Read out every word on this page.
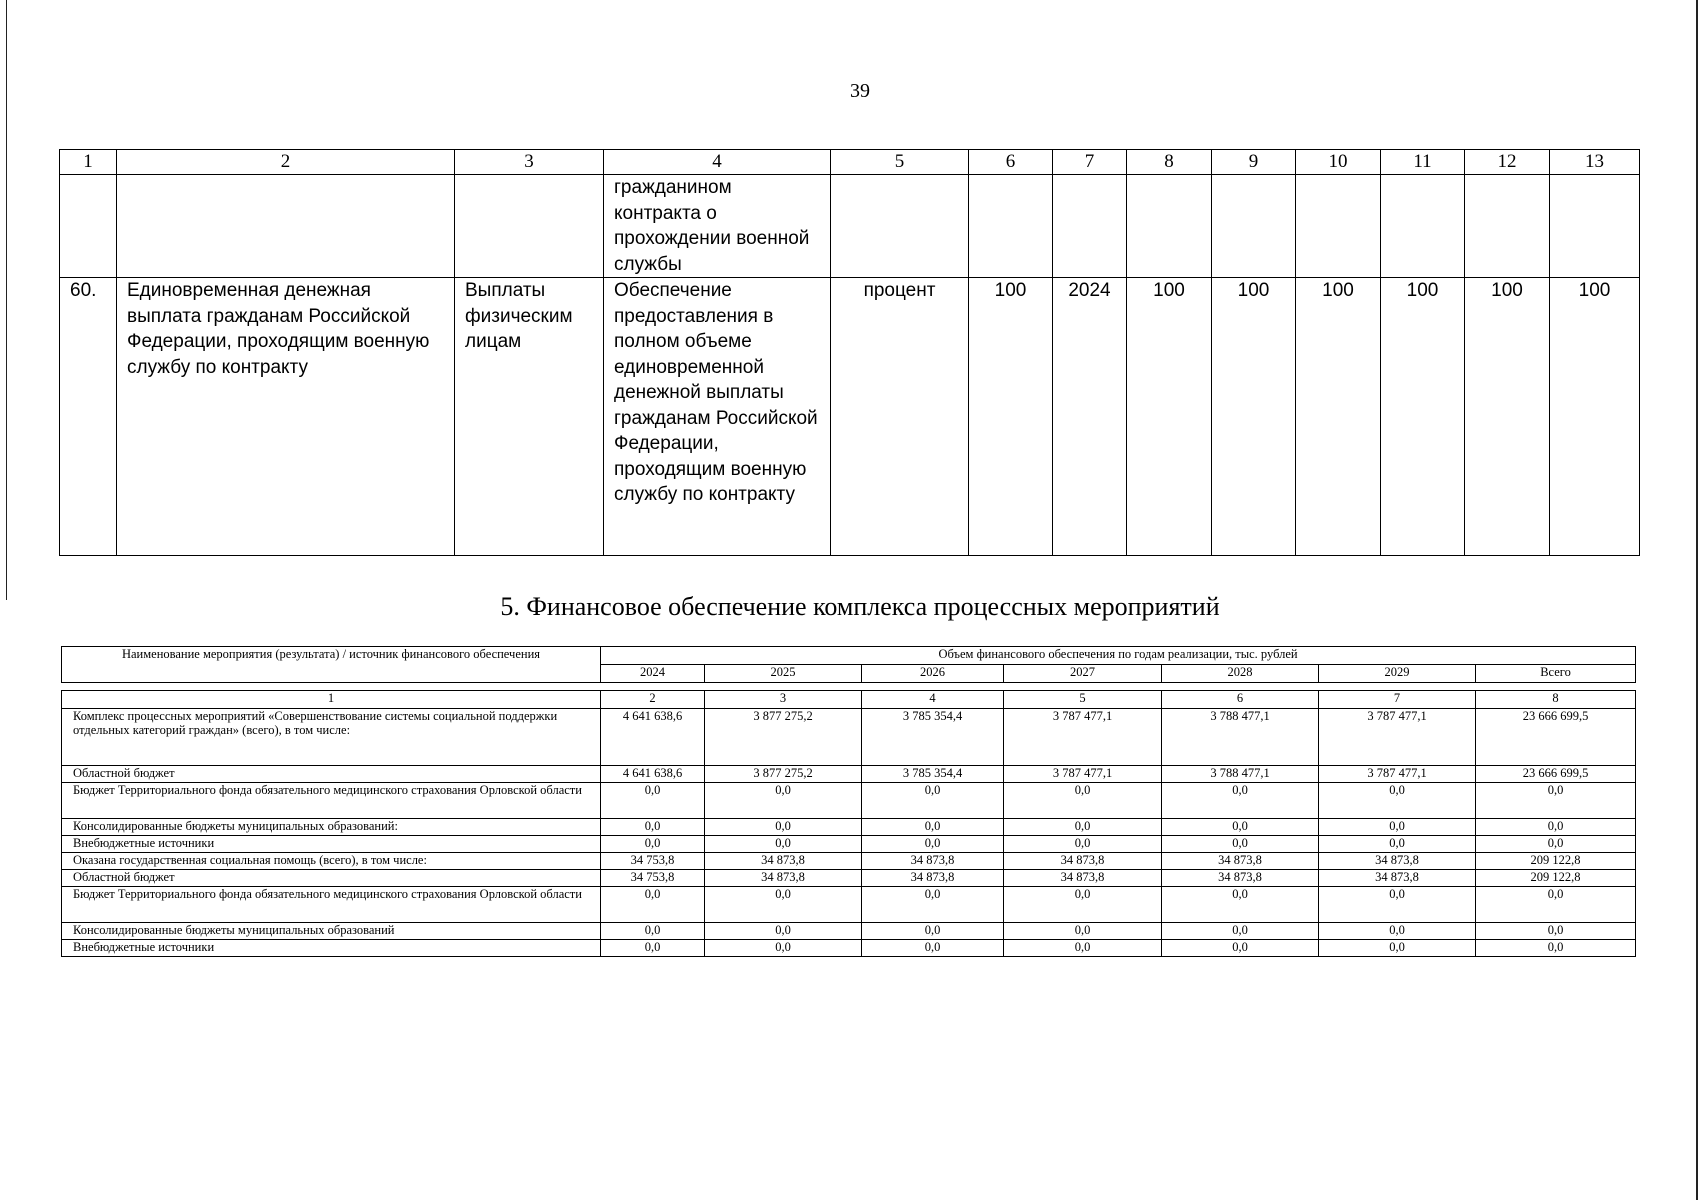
39
1	2	3	4	5	6	7	8	9	10	11	12	13
			гражданином контракта о прохождении военной службы									
60.	Единовременная денежная выплата гражданам Российской Федерации, проходящим военную службу по контракту	Выплаты физическим лицам	Обеспечение предоставления в полном объеме единовременной денежной выплаты гражданам Российской Федерации, проходящим военную службу по контракту	процент	100	2024	100	100	100	100	100	100
5. Финансовое обеспечение комплекса процессных мероприятий
Наименование мероприятия (результата) / источник финансового обеспечения	Объем финансового обеспечения по годам реализации, тыс. рублей						
	2024	2025	2026	2027	2028	2029	Всего
1	2	3	4	5	6	7	8
Комплекс процессных мероприятий «Совершенствование системы социальной поддержки отдельных категорий граждан» (всего), в том числе:	4 641 638,6	3 877 275,2	3 785 354,4	3 787 477,1	3 788 477,1	3 787 477,1	23 666 699,5
Областной бюджет	4 641 638,6	3 877 275,2	3 785 354,4	3 787 477,1	3 788 477,1	3 787 477,1	23 666 699,5
Бюджет Территориального фонда обязательного медицинского страхования Орловской области	0,0	0,0	0,0	0,0	0,0	0,0	0,0
Консолидированные бюджеты муниципальных образований:	0,0	0,0	0,0	0,0	0,0	0,0	0,0
Внебюджетные источники	0,0	0,0	0,0	0,0	0,0	0,0	0,0
Оказана государственная социальная помощь (всего), в том числе:	34 753,8	34 873,8	34 873,8	34 873,8	34 873,8	34 873,8	209 122,8
Областной бюджет	34 753,8	34 873,8	34 873,8	34 873,8	34 873,8	34 873,8	209 122,8
Бюджет Территориального фонда обязательного медицинского страхования Орловской области	0,0	0,0	0,0	0,0	0,0	0,0	0,0
Консолидированные бюджеты муниципальных образований	0,0	0,0	0,0	0,0	0,0	0,0	0,0
Внебюджетные источники	0,0	0,0	0,0	0,0	0,0	0,0	0,0
